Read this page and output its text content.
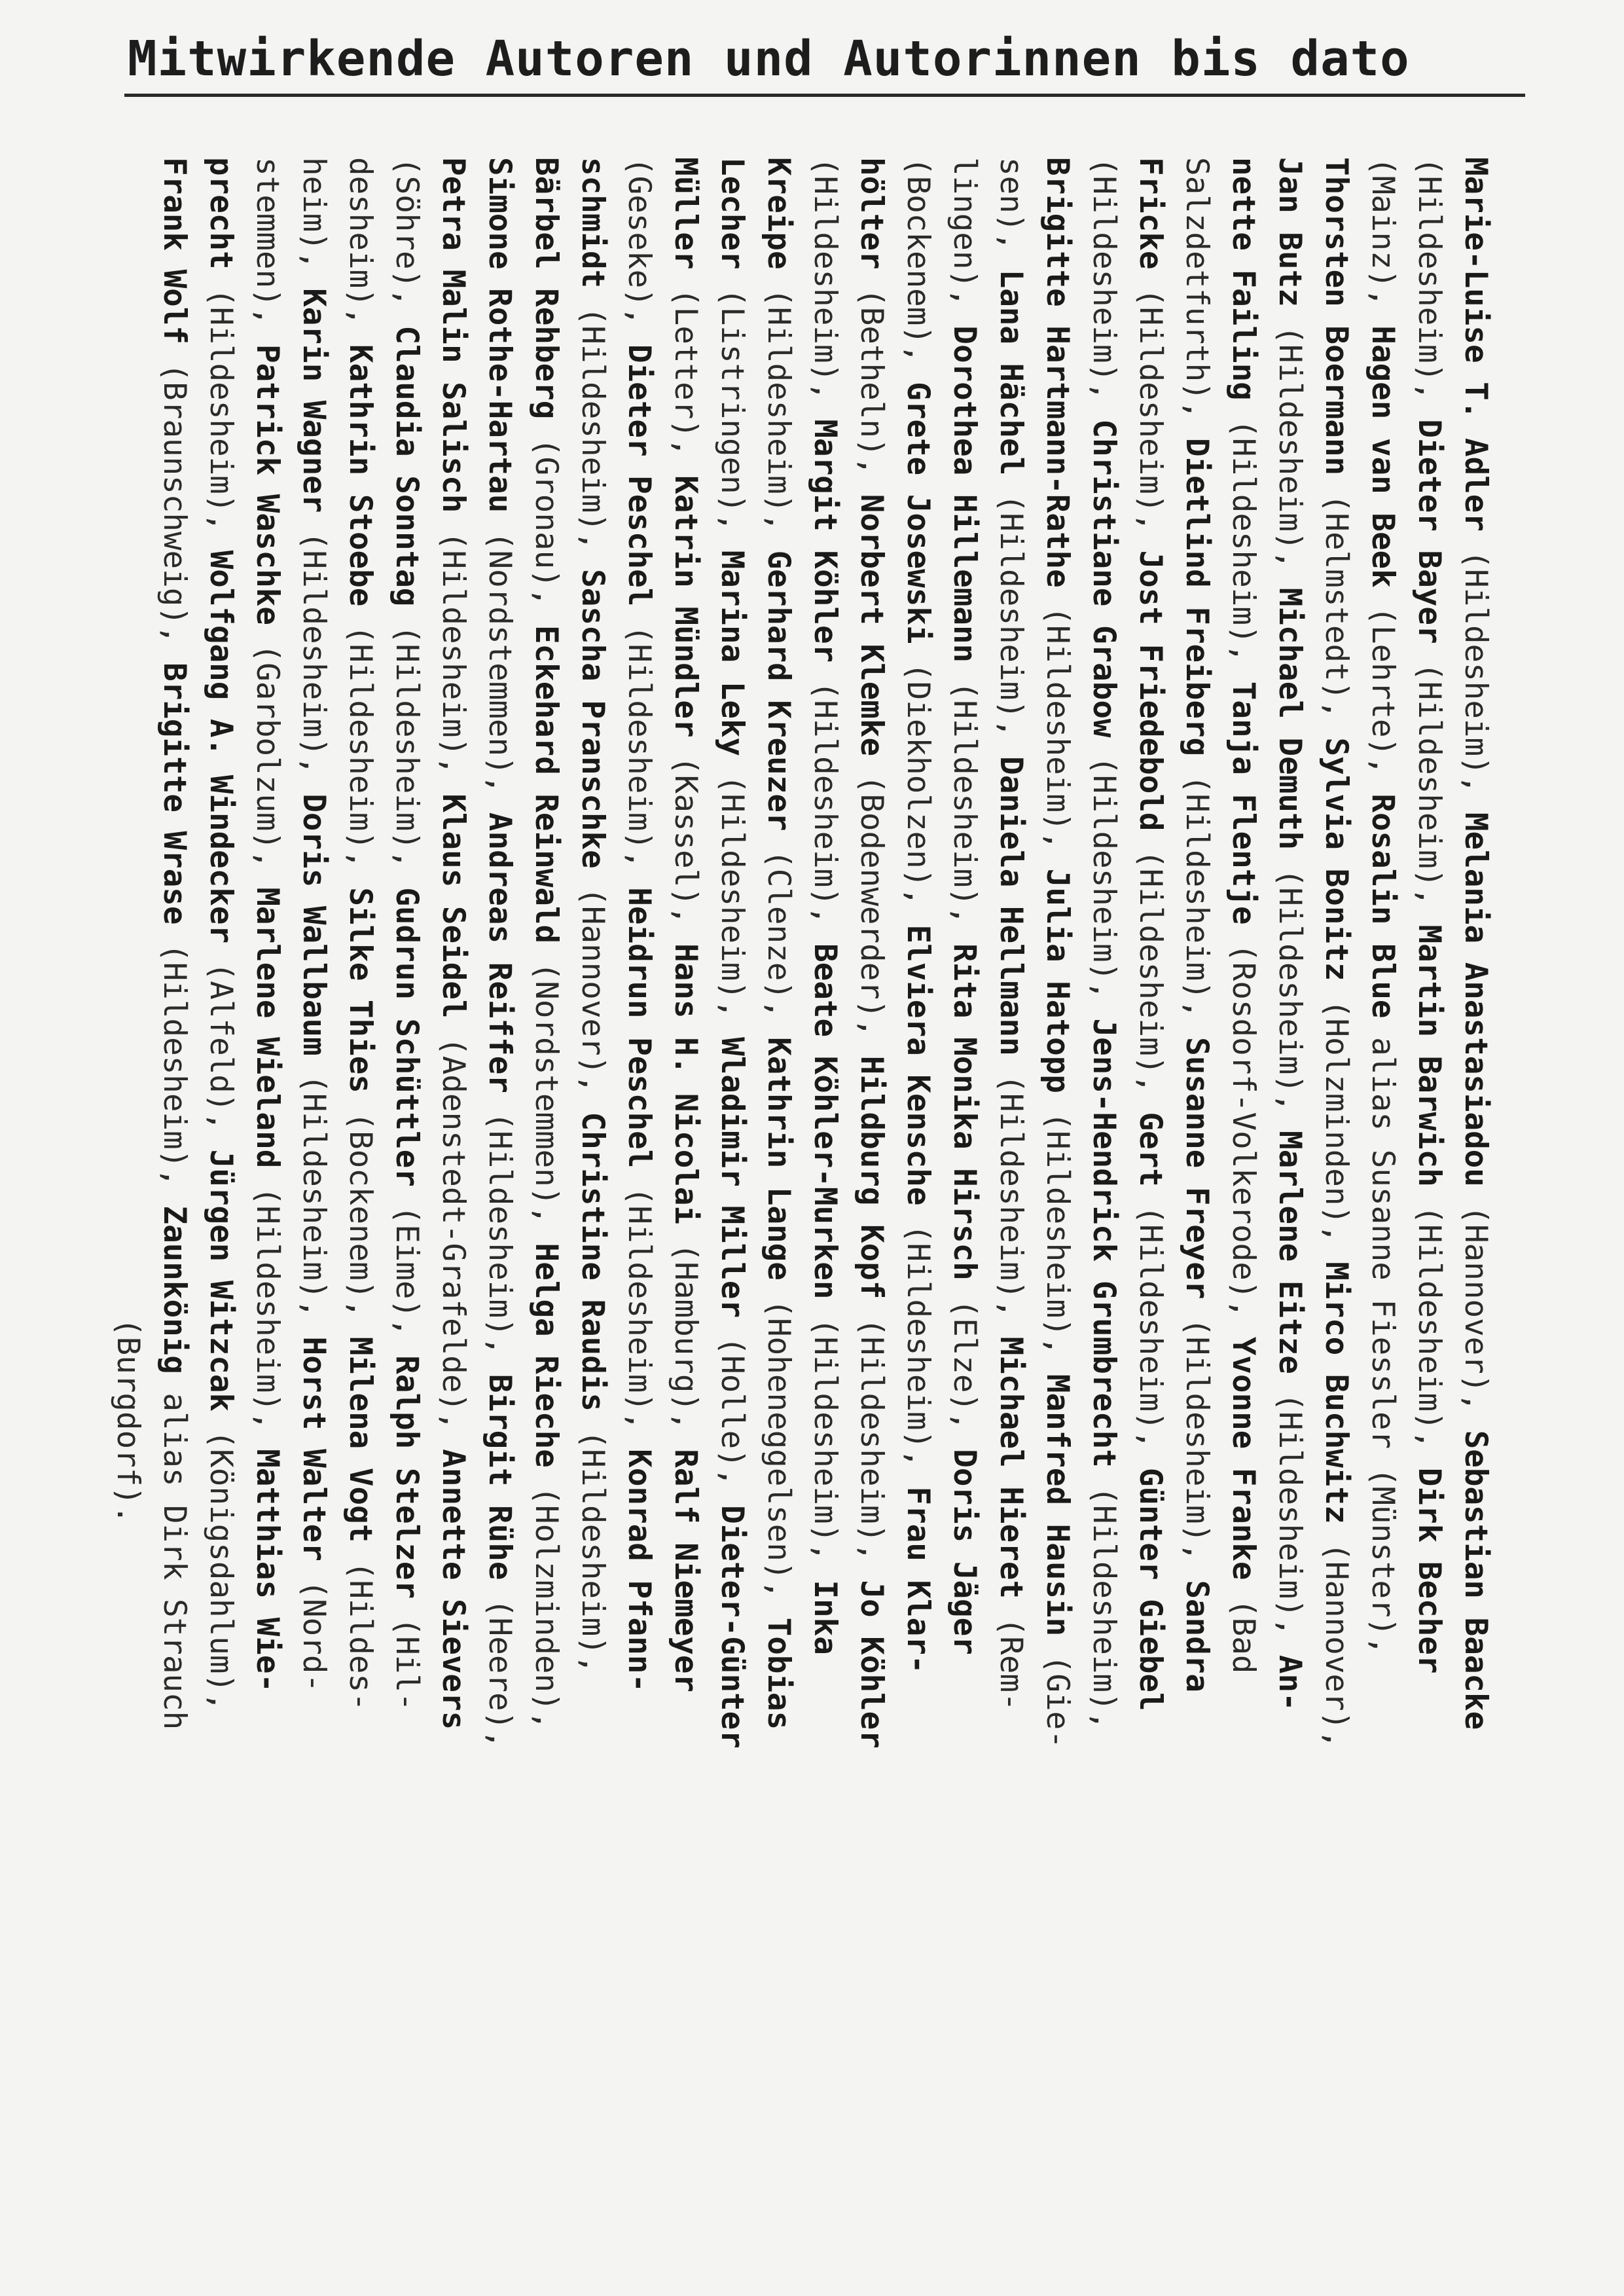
Mitwirkende Autoren und Autorinnen bis dato
Marie-Luise T. Adler (Hildesheim), Melania Anastasiadou (Hannover), Sebastian Baacke
(Hildesheim), Dieter Bayer (Hildesheim), Martin Barwich (Hildesheim), Dirk Becher
(Mainz), Hagen van Beek (Lehrte), Rosalin Blue alias Susanne Fiessler (Münster),
Thorsten Boermann (Helmstedt), Sylvia Bonitz (Holzminden), Mirco Buchwitz (Hannover),
Jan Butz (Hildesheim), Michael Demuth (Hildesheim), Marlene Eitze (Hildesheim), An-
nette Failing (Hildesheim), Tanja Flentje (Rosdorf-Volkerode), Yvonne Franke (Bad
Salzdetfurth), Dietlind Freiberg (Hildesheim), Susanne Freyer (Hildesheim), Sandra
Fricke (Hildesheim), Jost Friedebold (Hildesheim), Gert (Hildesheim), Günter Giebel
(Hildesheim), Christiane Grabow (Hildesheim), Jens-Hendrick Grumbrecht (Hildesheim),
Brigitte Hartmann-Rathe (Hildesheim), Julia Hatopp (Hildesheim), Manfred Hausin (Gie-
sen), Lana Hächel (Hildesheim), Daniela Hellmann (Hildesheim), Michael Hieret (Rem-
lingen), Dorothea Hillemann (Hildesheim), Rita Monika Hirsch (Elze), Doris Jäger
(Bockenem), Grete Josewski (Diekholzen), Elviera Kensche (Hildesheim), Frau Klar-
hölter (Betheln), Norbert Klemke (Bodenwerder), Hildburg Kopf (Hildesheim), Jo Köhler
(Hildesheim), Margit Köhler (Hildesheim), Beate Köhler-Murken (Hildesheim), Inka
Kreipe (Hildesheim), Gerhard Kreuzer (Clenze), Kathrin Lange (Hoheneggelsen), Tobias
Lecher (Listringen), Marina Leky (Hildesheim), Wladimir Miller (Holle), Dieter-Günter
Müller (Letter), Katrin Mündler (Kassel), Hans H. Nicolai (Hamburg), Ralf Niemeyer
(Geseke), Dieter Peschel (Hildesheim), Heidrun Peschel (Hildesheim), Konrad Pfann-
schmidt (Hildesheim), Sascha Pranschke (Hannover), Christine Raudis (Hildesheim),
Bärbel Rehberg (Gronau), Eckehard Reinwald (Nordstemmen), Helga Rieche (Holzminden),
Simone Rothe-Hartau (Nordstemmen), Andreas Reiffer (Hildesheim), Birgit Rühe (Heere),
Petra Malin Salisch (Hildesheim), Klaus Seidel (Adenstedt-Grafelde), Annette Sievers
(Söhre), Claudia Sonntag (Hildesheim), Gudrun Schüttler (Eime), Ralph Stelzer (Hil-
desheim), Kathrin Stoebe (Hildesheim), Silke Thies (Bockenem), Milena Vogt (Hildes-
heim), Karin Wagner (Hildesheim), Doris Wallbaum (Hildesheim), Horst Walter (Nord-
stemmen), Patrick Waschke (Garbolzum), Marlene Wieland (Hildesheim), Matthias Wie-
precht (Hildesheim), Wolfgang A. Windecker (Alfeld), Jürgen Witzcak (Königsdahlum),
Frank Wolf (Braunschweig), Brigitte Wrase (Hildesheim), Zaunkönig alias Dirk Strauch
(Burgdorf).
